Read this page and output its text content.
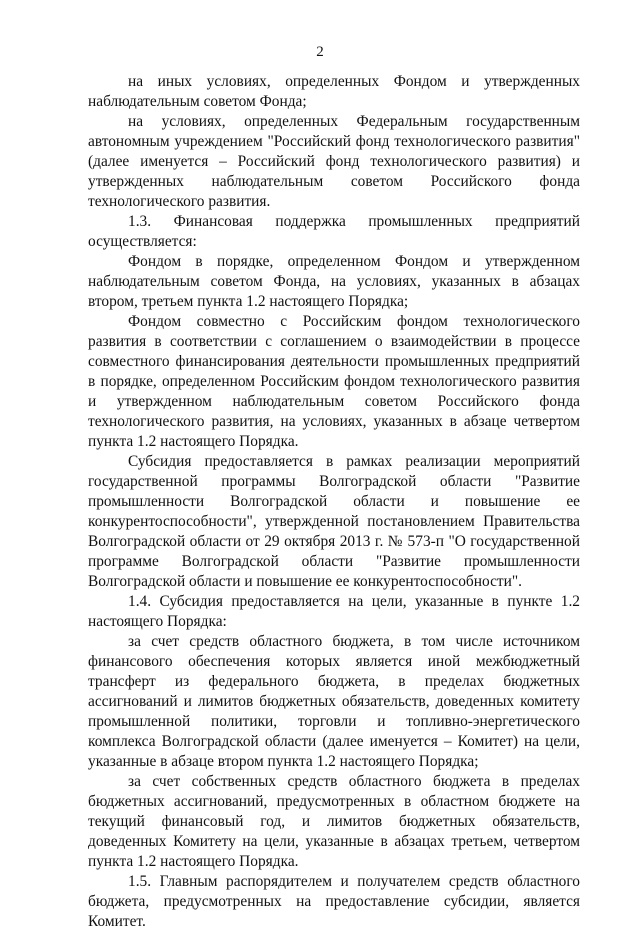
2

на иных условиях, определенных Фондом и утвержденных наблюдательным советом Фонда;

на условиях, определенных Федеральным государственным автономным учреждением "Российский фонд технологического развития" (далее именуется – Российский фонд технологического развития) и утвержденных наблюдательным советом Российского фонда технологического развития.

1.3. Финансовая поддержка промышленных предприятий осуществляется:

Фондом в порядке, определенном Фондом и утвержденном наблюдательным советом Фонда, на условиях, указанных в абзацах втором, третьем пункта 1.2 настоящего Порядка;

Фондом совместно с Российским фондом технологического развития в соответствии с соглашением о взаимодействии в процессе совместного финансирования деятельности промышленных предприятий в порядке, определенном Российским фондом технологического развития и утвержденном наблюдательным советом Российского фонда технологического развития, на условиях, указанных в абзаце четвертом пункта 1.2 настоящего Порядка.

Субсидия предоставляется в рамках реализации мероприятий государственной программы Волгоградской области "Развитие промышленности Волгоградской области и повышение ее конкурентоспособности", утвержденной постановлением Правительства Волгоградской области от 29 октября 2013 г. № 573-п "О государственной программе Волгоградской области "Развитие промышленности Волгоградской области и повышение ее конкурентоспособности".

1.4. Субсидия предоставляется на цели, указанные в пункте 1.2 настоящего Порядка:

за счет средств областного бюджета, в том числе источником финансового обеспечения которых является иной межбюджетный трансферт из федерального бюджета, в пределах бюджетных ассигнований и лимитов бюджетных обязательств, доведенных комитету промышленной политики, торговли и топливно-энергетического комплекса Волгоградской области (далее именуется – Комитет) на цели, указанные в абзаце втором пункта 1.2 настоящего Порядка;

за счет собственных средств областного бюджета в пределах бюджетных ассигнований, предусмотренных в областном бюджете на текущий финансовый год, и лимитов бюджетных обязательств, доведенных Комитету на цели, указанные в абзацах третьем, четвертом пункта 1.2 настоящего Порядка.

1.5. Главным распорядителем и получателем средств областного бюджета, предусмотренных на предоставление субсидии, является Комитет.
